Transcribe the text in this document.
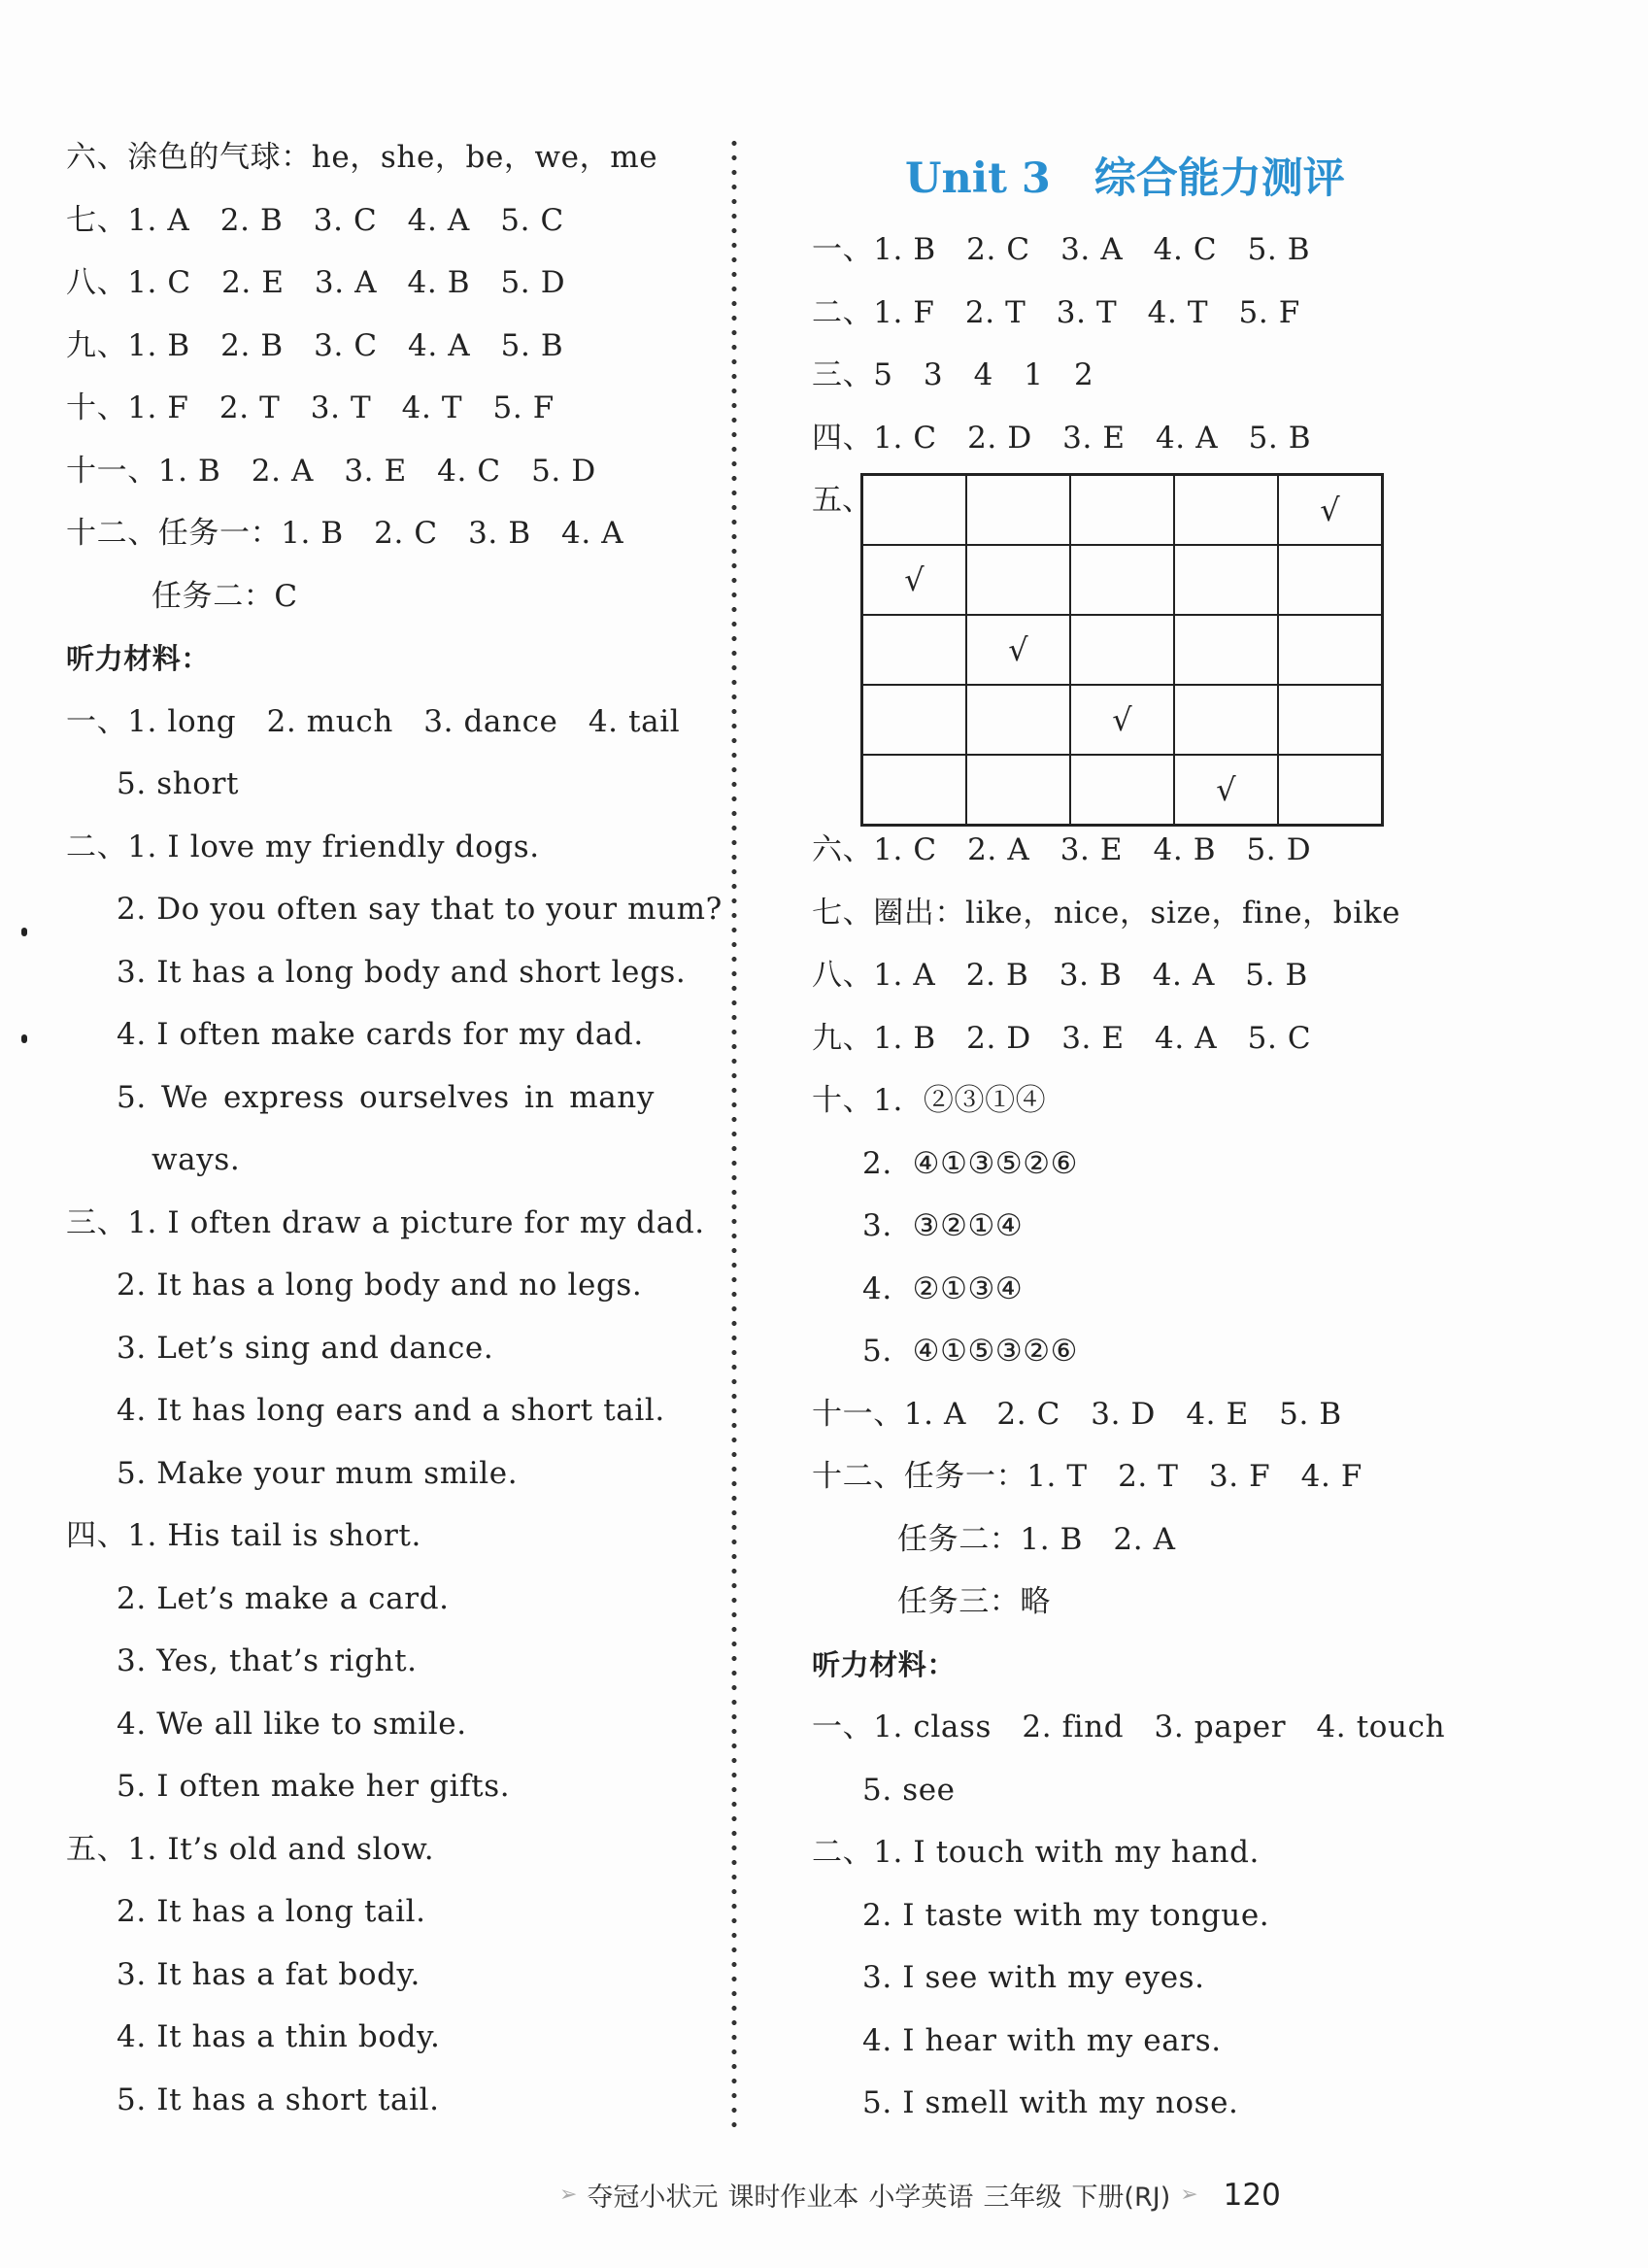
六、涂色的气球：he，she，be，we，me
七、1. A   2. B   3. C   4. A   5. C
八、1. C   2. E   3. A   4. B   5. D
九、1. B   2. B   3. C   4. A   5. B
十、1. F   2. T   3. T   4. T   5. F
十一、1. B   2. A   3. E   4. C   5. D
十二、任务一：1. B   2. C   3. B   4. A
任务二：C
听力材料：
一、1. long   2. much   3. dance   4. tail
5. short
二、1. I love my friendly dogs.
2. Do you often say that to your mum?
3. It has a long body and short legs.
4. I often make cards for my dad.
5. We express ourselves in many
ways.
三、1. I often draw a picture for my dad.
2. It has a long body and no legs.
3. Let’s sing and dance.
4. It has long ears and a short tail.
5. Make your mum smile.
四、1. His tail is short.
2. Let’s make a card.
3. Yes, that’s right.
4. We all like to smile.
5. I often make her gifts.
五、1. It’s old and slow.
2. It has a long tail.
3. It has a fat body.
4. It has a thin body.
5. It has a short tail.
Unit 3   综合能力测评
一、1. B   2. C   3. A   4. C   5. B
二、1. F   2. T   3. T   4. T   5. F
三、5   3   4   1   2
四、1. C   2. D   3. E   4. A   5. B
五、
					√
√				
	√			
		√		
			√	
六、1. C   2. A   3. E   4. B   5. D
七、圈出：like，nice，size，fine，bike
八、1. A   2. B   3. B   4. A   5. B
九、1. B   2. D   3. E   4. A   5. C
十、1.  ②③①④
2.  ④①③⑤②⑥
3.  ③②①④
4.  ②①③④
5.  ④①⑤③②⑥
十一、1. A   2. C   3. D   4. E   5. B
十二、任务一：1. T   2. T   3. F   4. F
任务二：1. B   2. A
任务三：略
听力材料：
一、1. class   2. find   3. paper   4. touch
5. see
二、1. I touch with my hand.
2. I taste with my tongue.
3. I see with my eyes.
4. I hear with my ears.
5. I smell with my nose.
➢ 夺冠小状元 课时作业本 小学英语 三年级 下册(RJ) ➢ 120
